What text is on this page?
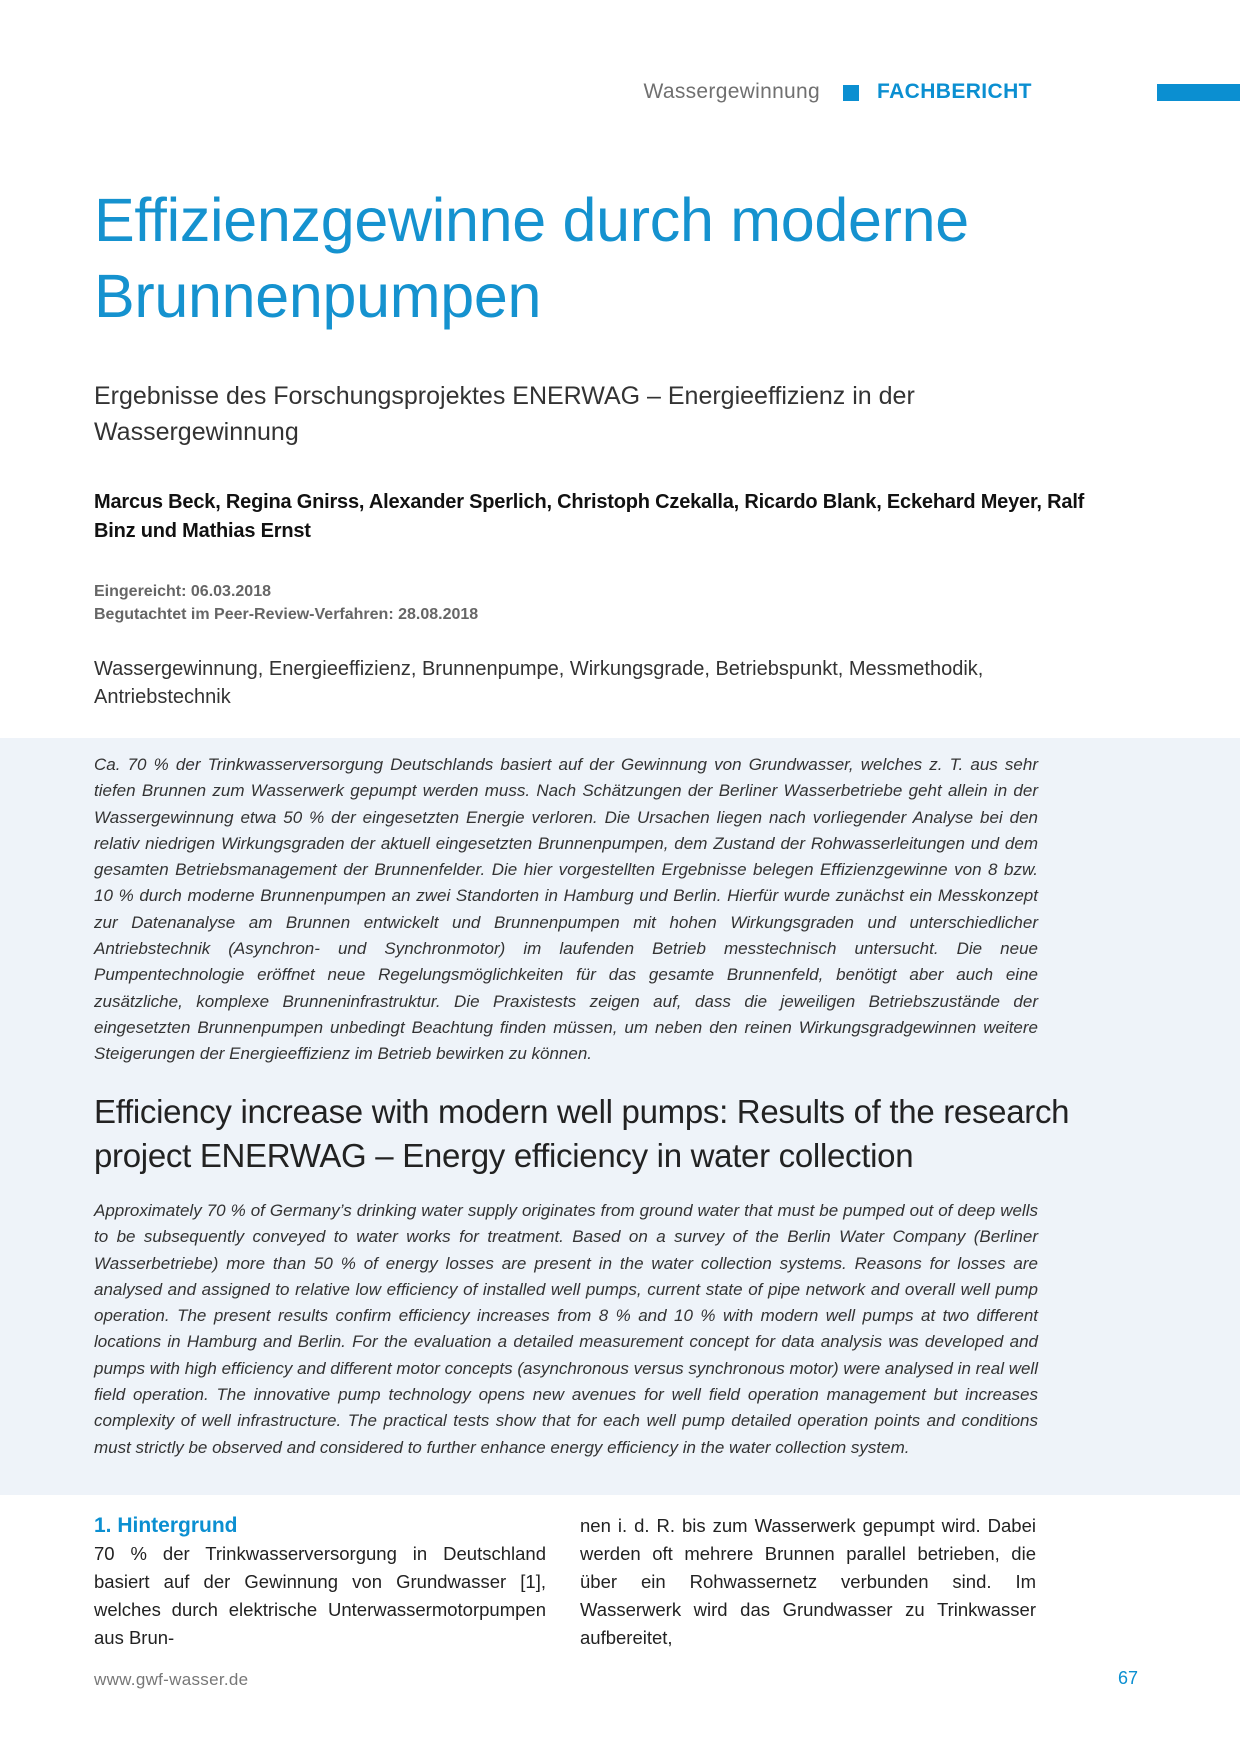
Wassergewinnung	FACHBERICHT
Effizienzgewinne durch moderne Brunnenpumpen
Ergebnisse des Forschungsprojektes ENERWAG – Energieeffizienz in der Wassergewinnung
Marcus Beck, Regina Gnirss, Alexander Sperlich, Christoph Czekalla, Ricardo Blank, Eckehard Meyer, Ralf Binz und Mathias Ernst
Eingereicht: 06.03.2018
Begutachtet im Peer-Review-Verfahren: 28.08.2018
Wassergewinnung, Energieeffizienz, Brunnenpumpe, Wirkungsgrade, Betriebspunkt, Messmethodik, Antriebstechnik

Ca. 70 % der Trinkwasserversorgung Deutschlands basiert auf der Gewinnung von Grundwasser, welches z. T. aus sehr tiefen Brunnen zum Wasserwerk gepumpt werden muss. Nach Schätzungen der Berliner Wasserbetriebe geht allein in der Wassergewinnung etwa 50 % der eingesetzten Energie verloren. Die Ursachen liegen nach vorliegender Analyse bei den relativ niedrigen Wirkungsgraden der aktuell eingesetzten Brunnenpumpen, dem Zustand der Rohwasserleitungen und dem gesamten Betriebsmanagement der Brunnenfelder. Die hier vorgestellten Ergebnisse belegen Effizienzgewinne von 8 bzw. 10 % durch moderne Brunnenpumpen an zwei Standorten in Hamburg und Berlin. Hierfür wurde zunächst ein Messkonzept zur Datenanalyse am Brunnen entwickelt und Brunnenpumpen mit hohen Wirkungsgraden und unterschiedlicher Antriebstechnik (Asynchron- und Synchronmotor) im laufenden Betrieb messtechnisch untersucht. Die neue Pumpentechnologie eröffnet neue Regelungsmöglichkeiten für das gesamte Brunnenfeld, benötigt aber auch eine zusätzliche, komplexe Brunneninfrastruktur. Die Praxistests zeigen auf, dass die jeweiligen Betriebszustände der eingesetzten Brunnenpumpen unbedingt Beachtung finden müssen, um neben den reinen Wirkungsgradgewinnen weitere Steigerungen der Energieeffizienz im Betrieb bewirken zu können.

Efficiency increase with modern well pumps: Results of the research project ENERWAG – Energy efficiency in water collection

Approximately 70 % of Germany’s drinking water supply originates from ground water that must be pumped out of deep wells to be subsequently conveyed to water works for treatment. Based on a survey of the Berlin Water Company (Berliner Wasserbetriebe) more than 50 % of energy losses are present in the water collection systems. Reasons for losses are analysed and assigned to relative low efficiency of installed well pumps, current state of pipe network and overall well pump operation. The present results confirm efficiency increases from 8 % and 10 % with modern well pumps at two different locations in Hamburg and Berlin. For the evaluation a detailed measurement concept for data analysis was developed and pumps with high efficiency and different motor concepts (asynchronous versus synchronous motor) were analysed in real well field operation. The innovative pump technology opens new avenues for well field operation management but increases complexity of well infrastructure. The practical tests show that for each well pump detailed operation points and conditions must strictly be observed and considered to further enhance energy efficiency in the water collection system.

1. Hintergrund

70 % der Trinkwasserversorgung in Deutschland basiert auf der Gewinnung von Grundwasser [1], welches durch elektrische Unterwassermotorpumpen aus Brun-

nen i. d. R. bis zum Wasserwerk gepumpt wird. Dabei werden oft mehrere Brunnen parallel betrieben, die über ein Rohwassernetz verbunden sind. Im Wasserwerk wird das Grundwasser zu Trinkwasser aufbereitet,

www.gwf-wasser.de	67
